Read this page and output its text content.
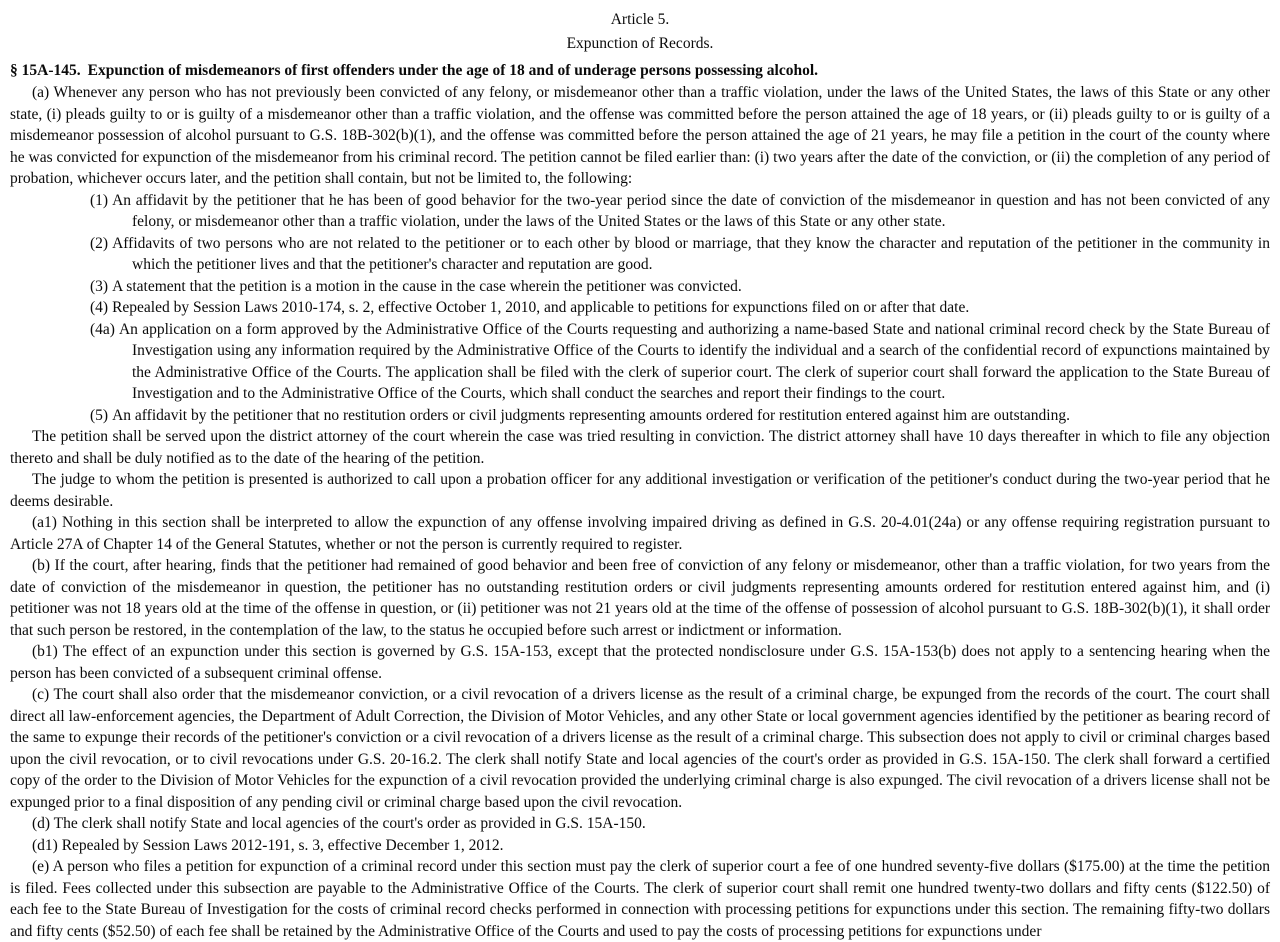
Article 5.
Expunction of Records.
§ 15A-145. Expunction of misdemeanors of first offenders under the age of 18 and of underage persons possessing alcohol.

(a) Whenever any person who has not previously been convicted of any felony, or misdemeanor other than a traffic violation, under the laws of the United States, the laws of this State or any other state, (i) pleads guilty to or is guilty of a misdemeanor other than a traffic violation, and the offense was committed before the person attained the age of 18 years, or (ii) pleads guilty to or is guilty of a misdemeanor possession of alcohol pursuant to G.S. 18B-302(b)(1), and the offense was committed before the person attained the age of 21 years, he may file a petition in the court of the county where he was convicted for expunction of the misdemeanor from his criminal record. The petition cannot be filed earlier than: (i) two years after the date of the conviction, or (ii) the completion of any period of probation, whichever occurs later, and the petition shall contain, but not be limited to, the following:

(1) An affidavit by the petitioner that he has been of good behavior for the two-year period since the date of conviction of the misdemeanor in question and has not been convicted of any felony, or misdemeanor other than a traffic violation, under the laws of the United States or the laws of this State or any other state.
(2) Affidavits of two persons who are not related to the petitioner or to each other by blood or marriage, that they know the character and reputation of the petitioner in the community in which the petitioner lives and that the petitioner's character and reputation are good.
(3) A statement that the petition is a motion in the cause in the case wherein the petitioner was convicted.
(4) Repealed by Session Laws 2010-174, s. 2, effective October 1, 2010, and applicable to petitions for expunctions filed on or after that date.
(4a) An application on a form approved by the Administrative Office of the Courts requesting and authorizing a name-based State and national criminal record check by the State Bureau of Investigation using any information required by the Administrative Office of the Courts to identify the individual and a search of the confidential record of expunctions maintained by the Administrative Office of the Courts. The application shall be filed with the clerk of superior court. The clerk of superior court shall forward the application to the State Bureau of Investigation and to the Administrative Office of the Courts, which shall conduct the searches and report their findings to the court.
(5) An affidavit by the petitioner that no restitution orders or civil judgments representing amounts ordered for restitution entered against him are outstanding.

The petition shall be served upon the district attorney of the court wherein the case was tried resulting in conviction. The district attorney shall have 10 days thereafter in which to file any objection thereto and shall be duly notified as to the date of the hearing of the petition.

The judge to whom the petition is presented is authorized to call upon a probation officer for any additional investigation or verification of the petitioner's conduct during the two-year period that he deems desirable.

(a1) Nothing in this section shall be interpreted to allow the expunction of any offense involving impaired driving as defined in G.S. 20-4.01(24a) or any offense requiring registration pursuant to Article 27A of Chapter 14 of the General Statutes, whether or not the person is currently required to register.

(b) If the court, after hearing, finds that the petitioner had remained of good behavior and been free of conviction of any felony or misdemeanor, other than a traffic violation, for two years from the date of conviction of the misdemeanor in question, the petitioner has no outstanding restitution orders or civil judgments representing amounts ordered for restitution entered against him, and (i) petitioner was not 18 years old at the time of the offense in question, or (ii) petitioner was not 21 years old at the time of the offense of possession of alcohol pursuant to G.S. 18B-302(b)(1), it shall order that such person be restored, in the contemplation of the law, to the status he occupied before such arrest or indictment or information.

(b1) The effect of an expunction under this section is governed by G.S. 15A-153, except that the protected nondisclosure under G.S. 15A-153(b) does not apply to a sentencing hearing when the person has been convicted of a subsequent criminal offense.

(c) The court shall also order that the misdemeanor conviction, or a civil revocation of a drivers license as the result of a criminal charge, be expunged from the records of the court. The court shall direct all law-enforcement agencies, the Department of Adult Correction, the Division of Motor Vehicles, and any other State or local government agencies identified by the petitioner as bearing record of the same to expunge their records of the petitioner's conviction or a civil revocation of a drivers license as the result of a criminal charge. This subsection does not apply to civil or criminal charges based upon the civil revocation, or to civil revocations under G.S. 20-16.2. The clerk shall notify State and local agencies of the court's order as provided in G.S. 15A-150. The clerk shall forward a certified copy of the order to the Division of Motor Vehicles for the expunction of a civil revocation provided the underlying criminal charge is also expunged. The civil revocation of a drivers license shall not be expunged prior to a final disposition of any pending civil or criminal charge based upon the civil revocation.

(d) The clerk shall notify State and local agencies of the court's order as provided in G.S. 15A-150.

(d1) Repealed by Session Laws 2012-191, s. 3, effective December 1, 2012.

(e) A person who files a petition for expunction of a criminal record under this section must pay the clerk of superior court a fee of one hundred seventy-five dollars ($175.00) at the time the petition is filed. Fees collected under this subsection are payable to the Administrative Office of the Courts. The clerk of superior court shall remit one hundred twenty-two dollars and fifty cents ($122.50) of each fee to the State Bureau of Investigation for the costs of criminal record checks performed in connection with processing petitions for expunctions under this section. The remaining fifty-two dollars and fifty cents ($52.50) of each fee shall be retained by the Administrative Office of the Courts and used to pay the costs of processing petitions for expunctions under
